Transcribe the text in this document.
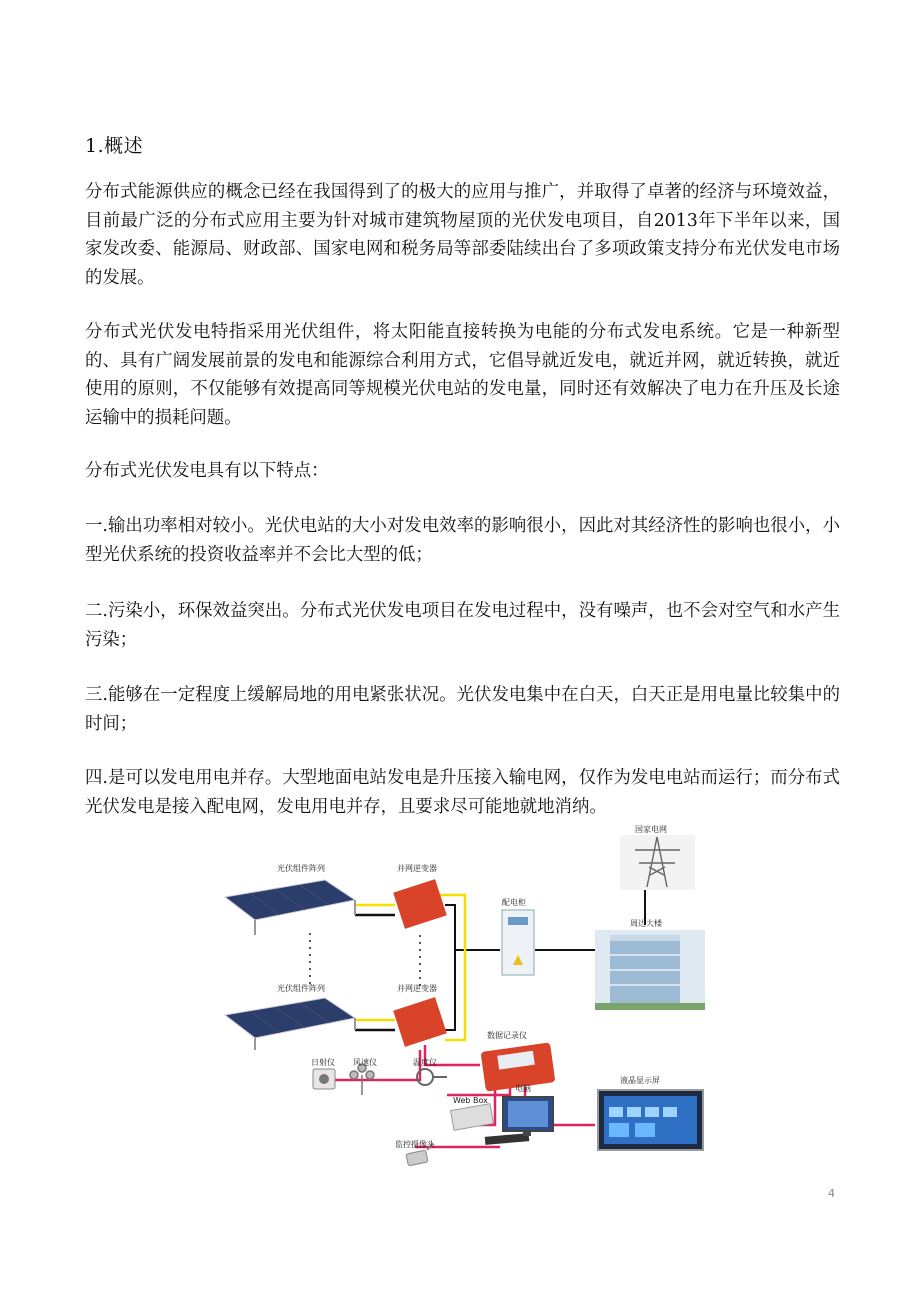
1.概述

分布式能源供应的概念已经在我国得到了的极大的应用与推广，并取得了卓著的经济与环境效益，目前最广泛的分布式应用主要为针对城市建筑物屋顶的光伏发电项目，自2013年下半年以来，国家发改委、能源局、财政部、国家电网和税务局等部委陆续出台了多项政策支持分布光伏发电市场的发展。

分布式光伏发电特指采用光伏组件，将太阳能直接转换为电能的分布式发电系统。它是一种新型的、具有广阔发展前景的发电和能源综合利用方式，它倡导就近发电，就近并网，就近转换，就近使用的原则，不仅能够有效提高同等规模光伏电站的发电量，同时还有效解决了电力在升压及长途运输中的损耗问题。

分布式光伏发电具有以下特点：

一.输出功率相对较小。光伏电站的大小对发电效率的影响很小，因此对其经济性的影响也很小，小型光伏系统的投资收益率并不会比大型的低；

二.污染小，环保效益突出。分布式光伏发电项目在发电过程中，没有噪声，也不会对空气和水产生污染；

三.能够在一定程度上缓解局地的用电紧张状况。光伏发电集中在白天，白天正是用电量比较集中的时间；

四.是可以发电用电并存。大型地面电站发电是升压接入输电网，仅作为发电电站而运行；而分布式光伏发电是接入配电网，发电用电并存，且要求尽可能地就地消纳。

光伏组件阵列
光伏组件阵列
并网逆变器
并网逆变器
配电柜
国家电网
周边大楼
数据记录仪
日射仪 风速仪	温度仪
Web Box
电脑
监控摄像头
液晶显示屏
4
